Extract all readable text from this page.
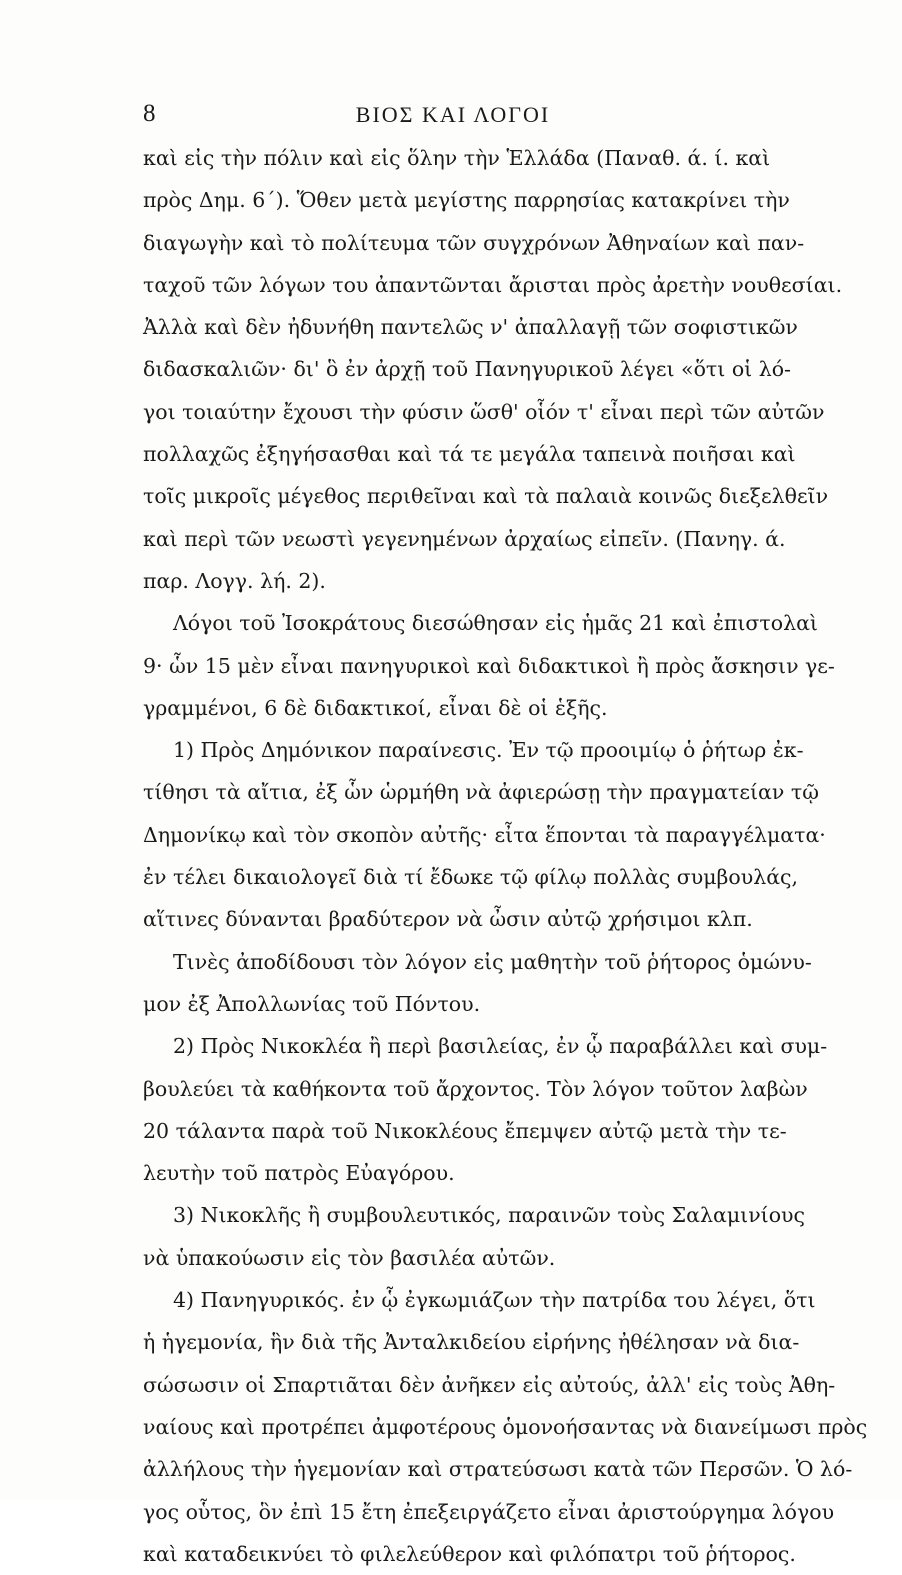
8	ΒΙΟΣ ΚΑΙ ΛΟΓΟΙ
καὶ εἰς τὴν πόλιν καὶ εἰς ὅλην τὴν Ἑλλάδα (Παναθ. ά. ί. καὶ
πρὸς Δημ. 6΄). Ὅθεν μετὰ μεγίστης παρρησίας κατακρίνει τὴν
διαγωγὴν καὶ τὸ πολίτευμα τῶν συγχρόνων Ἀθηναίων καὶ παν-
ταχοῦ τῶν λόγων του ἀπαντῶνται ἄρισται πρὸς ἀρετὴν νουθεσίαι.
Ἀλλὰ καὶ δὲν ἠδυνήθη παντελῶς ν' ἀπαλλαγῇ τῶν σοφιστικῶν
διδασκαλιῶν· δι' ὃ ἐν ἀρχῇ τοῦ Πανηγυρικοῦ λέγει «ὅτι οἱ λό-
γοι τοιαύτην ἔχουσι τὴν φύσιν ὥσθ' οἷόν τ' εἶναι περὶ τῶν αὐτῶν
πολλαχῶς ἐξηγήσασθαι καὶ τά τε μεγάλα ταπεινὰ ποιῆσαι καὶ
τοῖς μικροῖς μέγεθος περιθεῖναι καὶ τὰ παλαιὰ κοινῶς διεξελθεῖν
καὶ περὶ τῶν νεωστὶ γεγενημένων ἀρχαίως εἰπεῖν. (Πανηγ. ά.
παρ. Λογγ. λή. 2).
Λόγοι τοῦ Ἰσοκράτους διεσώθησαν εἰς ἡμᾶς 21 καὶ ἐπιστολαὶ
9· ὧν 15 μὲν εἶναι πανηγυρικοὶ καὶ διδακτικοὶ ἢ πρὸς ἄσκησιν γε-
γραμμένοι, 6 δὲ διδακτικοί, εἶναι δὲ οἱ ἑξῆς.
1) Πρὸς Δημόνικον παραίνεσις. Ἐν τῷ προοιμίῳ ὁ ῥήτωρ ἐκ-
τίθησι τὰ αἴτια, ἐξ ὧν ὡρμήθη νὰ ἀφιερώσῃ τὴν πραγματείαν τῷ
Δημονίκῳ καὶ τὸν σκοπὸν αὐτῆς· εἶτα ἕπονται τὰ παραγγέλματα·
ἐν τέλει δικαιολογεῖ διὰ τί ἔδωκε τῷ φίλῳ πολλὰς συμβουλάς,
αἵτινες δύνανται βραδύτερον νὰ ὦσιν αὐτῷ χρήσιμοι κλπ.
Τινὲς ἀποδίδουσι τὸν λόγον εἰς μαθητὴν τοῦ ῥήτορος ὁμώνυ-
μον ἐξ Ἀπολλωνίας τοῦ Πόντου.
2) Πρὸς Νικοκλέα ἢ περὶ βασιλείας, ἐν ᾧ παραβάλλει καὶ συμ-
βουλεύει τὰ καθήκοντα τοῦ ἄρχοντος. Τὸν λόγον τοῦτον λαβὼν
20 τάλαντα παρὰ τοῦ Νικοκλέους ἔπεμψεν αὐτῷ μετὰ τὴν τε-
λευτὴν τοῦ πατρὸς Εὐαγόρου.
3) Νικοκλῆς ἢ συμβουλευτικός, παραινῶν τοὺς Σαλαμινίους
νὰ ὑπακούωσιν εἰς τὸν βασιλέα αὐτῶν.
4) Πανηγυρικός. ἐν ᾧ ἐγκωμιάζων τὴν πατρίδα του λέγει, ὅτι
ἡ ἡγεμονία, ἣν διὰ τῆς Ἀνταλκιδείου εἰρήνης ἠθέλησαν νὰ δια-
σώσωσιν οἱ Σπαρτιᾶται δὲν ἀνῆκεν εἰς αὐτούς, ἀλλ' εἰς τοὺς Ἀθη-
ναίους καὶ προτρέπει ἀμφοτέρους ὁμονοήσαντας νὰ διανείμωσι πρὸς
ἀλλήλους τὴν ἡγεμονίαν καὶ στρατεύσωσι κατὰ τῶν Περσῶν. Ὁ λό-
γος οὗτος, ὃν ἐπὶ 15 ἔτη ἐπεξειργάζετο εἶναι ἀριστούργημα λόγου
καὶ καταδεικνύει τὸ φιλελεύθερον καὶ φιλόπατρι τοῦ ῥήτορος.
